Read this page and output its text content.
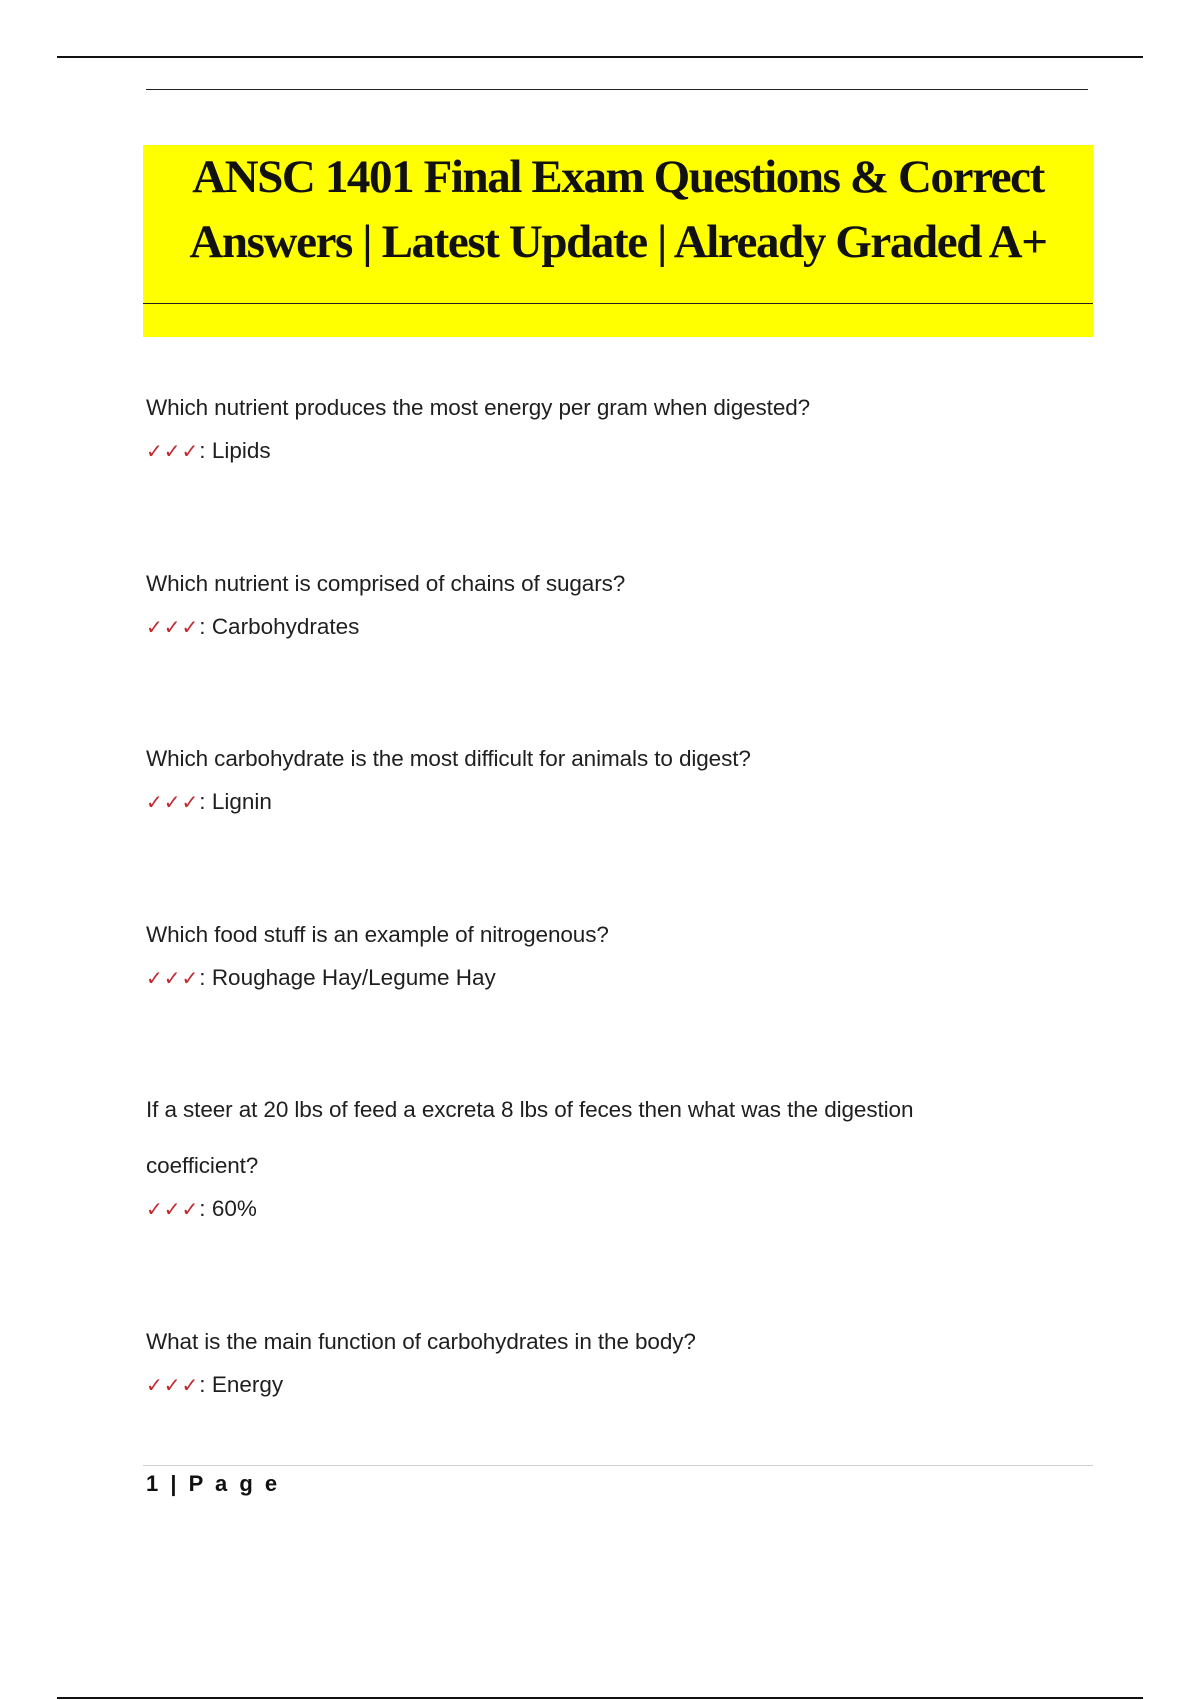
ANSC 1401 Final Exam Questions & Correct
Answers | Latest Update | Already Graded A+

Which nutrient produces the most energy per gram when digested?

✓✓✓: Lipids

Which nutrient is comprised of chains of sugars?

✓✓✓: Carbohydrates

Which carbohydrate is the most difficult for animals to digest?

✓✓✓: Lignin

Which food stuff is an example of nitrogenous?

✓✓✓: Roughage Hay/Legume Hay

If a steer at 20 lbs of feed a excreta 8 lbs of feces then what was the digestion

coefficient?

✓✓✓: 60%

What is the main function of carbohydrates in the body?

✓✓✓: Energy

1 | P a g e
